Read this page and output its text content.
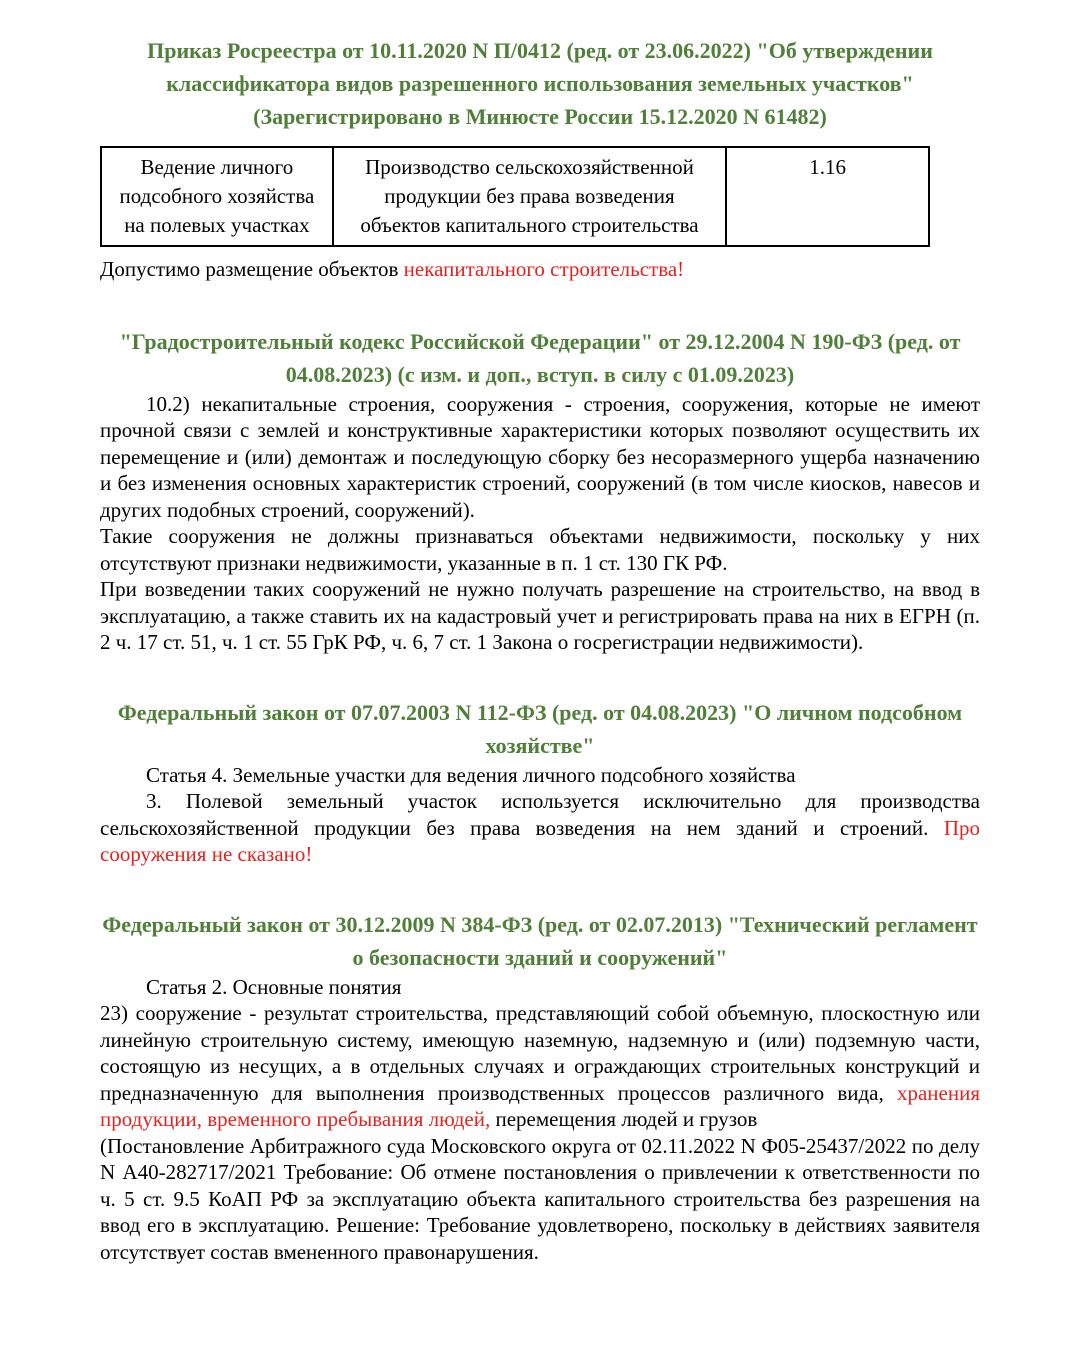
Приказ Росреестра от 10.11.2020 N П/0412 (ред. от 23.06.2022) "Об утверждении классификатора видов разрешенного использования земельных участков" (Зарегистрировано в Минюсте России 15.12.2020 N 61482)
Ведение личного подсобного хозяйства на полевых участках	Производство сельскохозяйственной продукции без права возведения объектов капитального строительства	1.16

Допустимо размещение объектов некапитального строительства!

"Градостроительный кодекс Российской Федерации" от 29.12.2004 N 190-ФЗ (ред. от 04.08.2023) (с изм. и доп., вступ. в силу с 01.09.2023)

10.2) некапитальные строения, сооружения - строения, сооружения, которые не имеют прочной связи с землей и конструктивные характеристики которых позволяют осуществить их перемещение и (или) демонтаж и последующую сборку без несоразмерного ущерба назначению и без изменения основных характеристик строений, сооружений (в том числе киосков, навесов и других подобных строений, сооружений).

Такие сооружения не должны признаваться объектами недвижимости, поскольку у них отсутствуют признаки недвижимости, указанные в п. 1 ст. 130 ГК РФ.

При возведении таких сооружений не нужно получать разрешение на строительство, на ввод в эксплуатацию, а также ставить их на кадастровый учет и регистрировать права на них в ЕГРН (п. 2 ч. 17 ст. 51, ч. 1 ст. 55 ГрК РФ, ч. 6, 7 ст. 1 Закона о госрегистрации недвижимости).

Федеральный закон от 07.07.2003 N 112-ФЗ (ред. от 04.08.2023) "О личном подсобном хозяйстве"

Статья 4. Земельные участки для ведения личного подсобного хозяйства

3. Полевой земельный участок используется исключительно для производства сельскохозяйственной продукции без права возведения на нем зданий и строений. Про сооружения не сказано!

Федеральный закон от 30.12.2009 N 384-ФЗ (ред. от 02.07.2013) "Технический регламент о безопасности зданий и сооружений"

Статья 2. Основные понятия

23) сооружение - результат строительства, представляющий собой объемную, плоскостную или линейную строительную систему, имеющую наземную, надземную и (или) подземную части, состоящую из несущих, а в отдельных случаях и ограждающих строительных конструкций и предназначенную для выполнения производственных процессов различного вида, хранения продукции, временного пребывания людей, перемещения людей и грузов

(Постановление Арбитражного суда Московского округа от 02.11.2022 N Ф05-25437/2022 по делу N А40-282717/2021 Требование: Об отмене постановления о привлечении к ответственности по ч. 5 ст. 9.5 КоАП РФ за эксплуатацию объекта капитального строительства без разрешения на ввод его в эксплуатацию. Решение: Требование удовлетворено, поскольку в действиях заявителя отсутствует состав вмененного правонарушения.
